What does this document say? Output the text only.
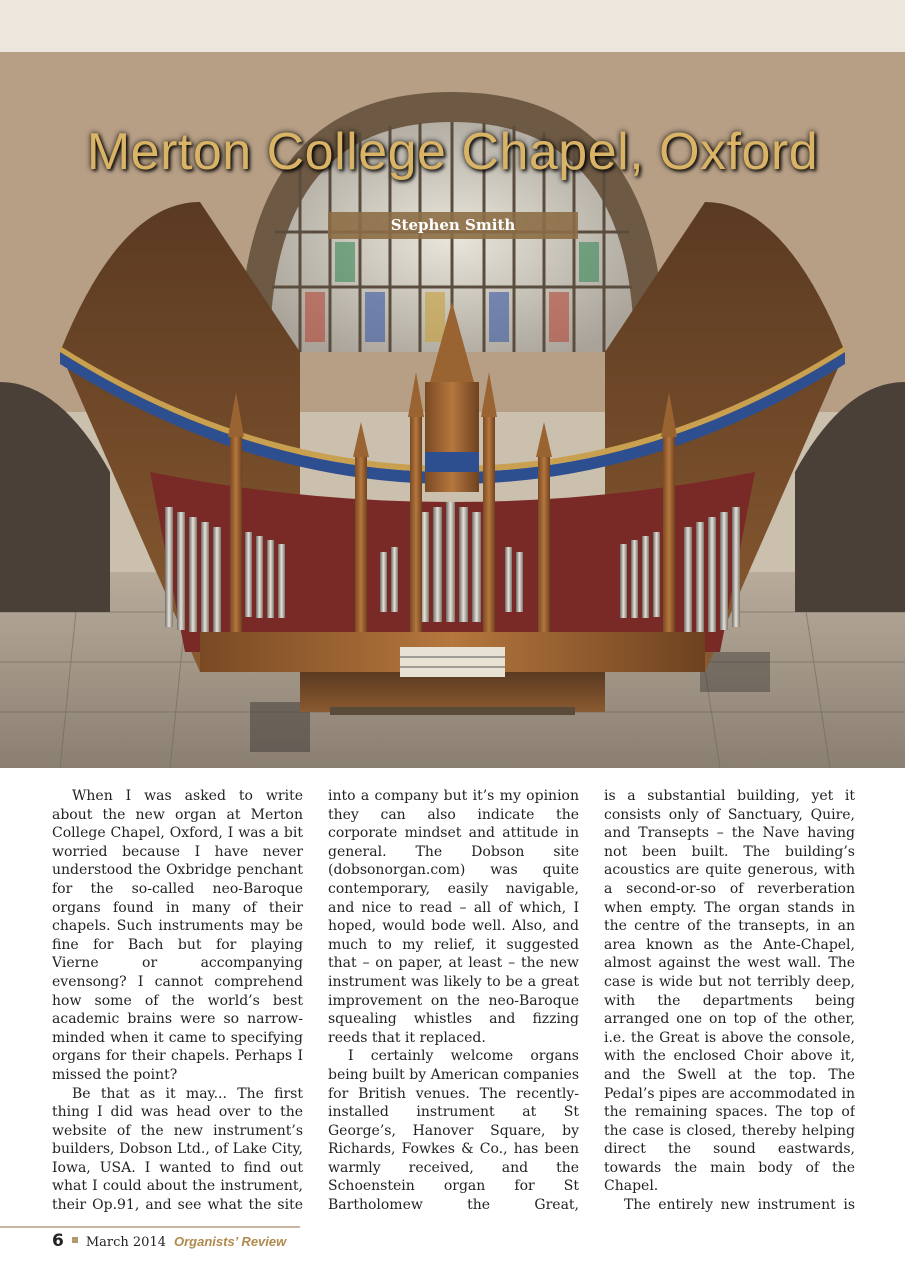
Merton College Chapel, Oxford
Stephen Smith

When I was asked to write about the new organ at Merton College Chapel, Oxford, I was a bit worried because I have never understood the Oxbridge penchant for the so-called neo-Baroque organs found in many of their chapels. Such instruments may be fine for Bach but for playing Vierne or accompanying evensong? I cannot comprehend how some of the world’s best academic brains were so narrow-minded when it came to specifying organs for their chapels. Perhaps I missed the point?

Be that as it may... The first thing I did was head over to the website of the new instrument’s builders, Dobson Ltd., of Lake City, Iowa, USA. I wanted to find out what I could about the instrument, their Op.91, and see what the site

into a company but it’s my opinion they can also indicate the corporate mindset and attitude in general. The Dobson site (dobsonorgan.com) was quite contemporary, easily navigable, and nice to read – all of which, I hoped, would bode well. Also, and much to my relief, it suggested that – on paper, at least – the new instrument was likely to be a great improvement on the neo-Baroque squealing whistles and fizzing reeds that it replaced.

I certainly welcome organs being built by American companies for British venues. The recently-installed instrument at St George’s, Hanover Square, by Richards, Fowkes & Co., has been warmly received, and the Schoenstein organ for St Bartholomew the Great,

is a substantial building, yet it consists only of Sanctuary, Quire, and Transepts – the Nave having not been built. The building’s acoustics are quite generous, with a second-or-so of reverberation when empty. The organ stands in the centre of the transepts, in an area known as the Ante-Chapel, almost against the west wall. The case is wide but not terribly deep, with the departments being arranged one on top of the other, i.e. the Great is above the console, with the enclosed Choir above it, and the Swell at the top. The Pedal’s pipes are accommodated in the remaining spaces. The top of the case is closed, thereby helping direct the sound eastwards, towards the main body of the Chapel.

The entirely new instrument is

6 March 2014 Organists’ Review
